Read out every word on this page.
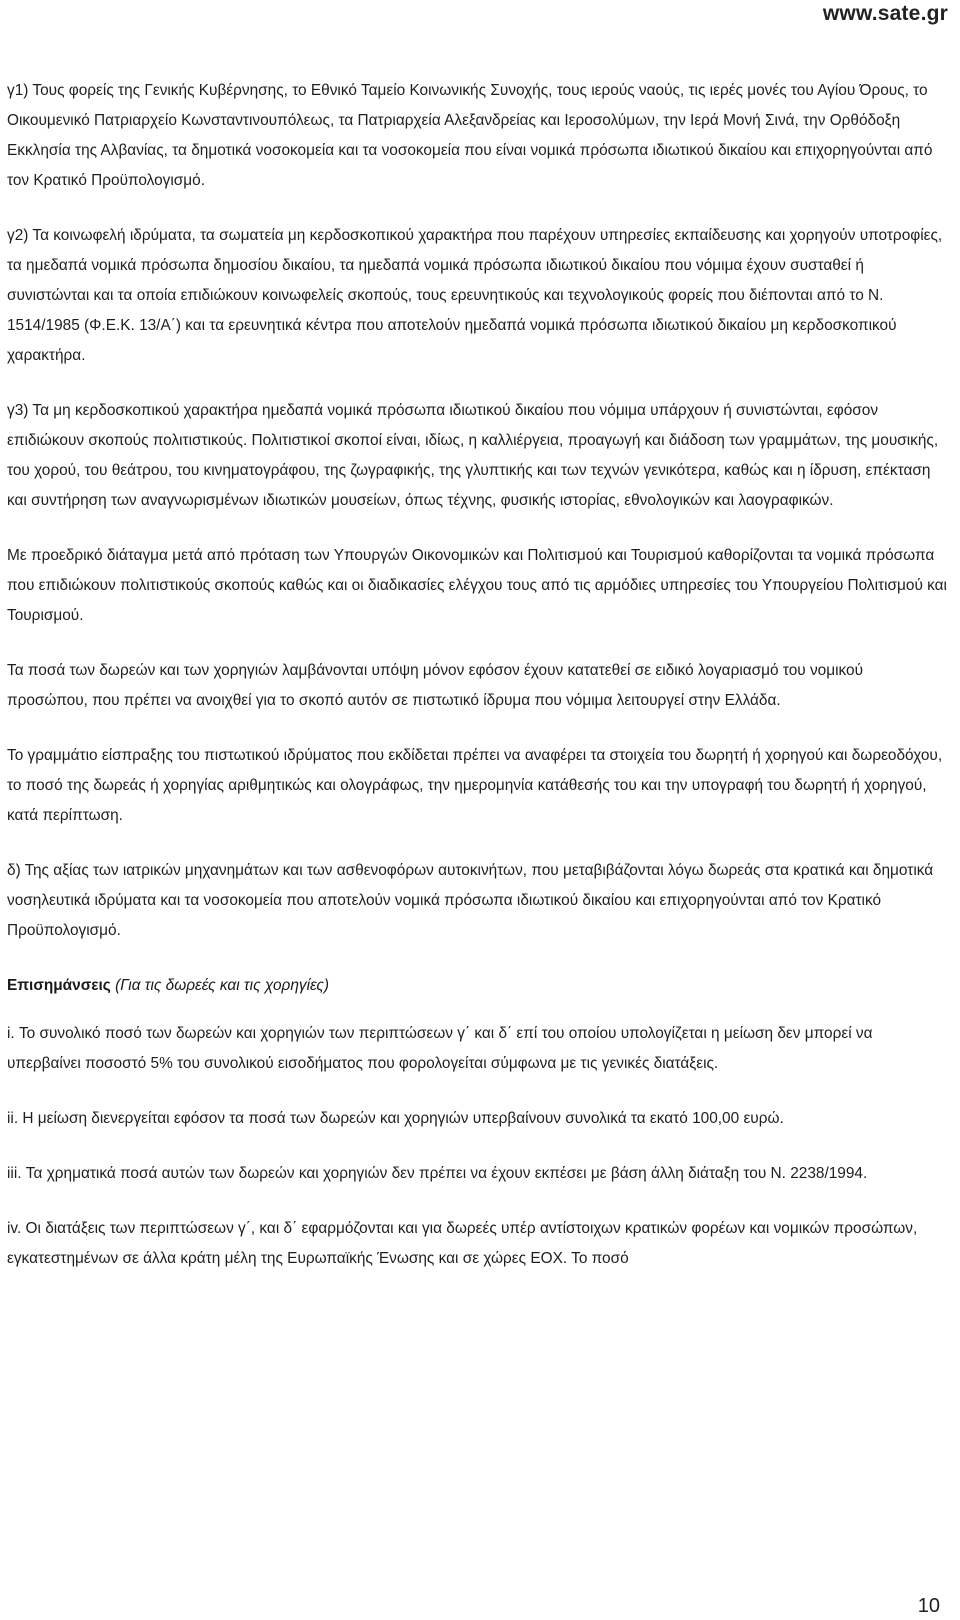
www.sate.gr

γ1) Τους φορείς της Γενικής Κυβέρνησης, το Εθνικό Ταμείο Κοινωνικής Συνοχής, τους ιερούς ναούς, τις ιερές μονές του Αγίου Όρους, το Οικουμενικό Πατριαρχείο Κωνσταντινουπόλεως, τα Πατριαρχεία Αλεξανδρείας και Ιεροσολύμων, την Ιερά Μονή Σινά, την Ορθόδοξη Εκκλησία της Αλβανίας, τα δημοτικά νοσοκομεία και τα νοσοκομεία που είναι νομικά πρόσωπα ιδιωτικού δικαίου και επιχορηγούνται από τον Κρατικό Προϋπολογισμό.

γ2) Τα κοινωφελή ιδρύματα, τα σωματεία μη κερδοσκοπικού χαρακτήρα που παρέχουν υπηρεσίες εκπαίδευσης και χορηγούν υποτροφίες, τα ημεδαπά νομικά πρόσωπα δημοσίου δικαίου, τα ημεδαπά νομικά πρόσωπα ιδιωτικού δικαίου που νόμιμα έχουν συσταθεί ή συνιστώνται και τα οποία επιδιώκουν κοινωφελείς σκοπούς, τους ερευνητικούς και τεχνολογικούς φορείς που διέπονται από το Ν. 1514/1985 (Φ.Ε.Κ. 13/Α΄) και τα ερευνητικά κέντρα που αποτελούν ημεδαπά νομικά πρόσωπα ιδιωτικού δικαίου μη κερδοσκοπικού χαρακτήρα.

γ3) Τα μη κερδοσκοπικού χαρακτήρα ημεδαπά νομικά πρόσωπα ιδιωτικού δικαίου που νόμιμα υπάρχουν ή συνιστώνται, εφόσον επιδιώκουν σκοπούς πολιτιστικούς. Πολιτιστικοί σκοποί είναι, ιδίως, η καλλιέργεια, προαγωγή και διάδοση των γραμμάτων, της μουσικής, του χορού, του θεάτρου, του κινηματογράφου, της ζωγραφικής, της γλυπτικής και των τεχνών γενικότερα, καθώς και η ίδρυση, επέκταση και συντήρηση των αναγνωρισμένων ιδιωτικών μουσείων, όπως τέχνης, φυσικής ιστορίας, εθνολογικών και λαογραφικών.

Με προεδρικό διάταγμα μετά από πρόταση των Υπουργών Οικονομικών και Πολιτισμού και Τουρισμού καθορίζονται τα νομικά πρόσωπα που επιδιώκουν πολιτιστικούς σκοπούς καθώς και οι διαδικασίες ελέγχου τους από τις αρμόδιες υπηρεσίες του Υπουργείου Πολιτισμού και Τουρισμού.

Τα ποσά των δωρεών και των χορηγιών λαμβάνονται υπόψη μόνον εφόσον έχουν κατατεθεί σε ειδικό λογαριασμό του νομικού προσώπου, που πρέπει να ανοιχθεί για το σκοπό αυτόν σε πιστωτικό ίδρυμα που νόμιμα λειτουργεί στην Ελλάδα.

Το γραμμάτιο είσπραξης του πιστωτικού ιδρύματος που εκδίδεται πρέπει να αναφέρει τα στοιχεία του δωρητή ή χορηγού και δωρεοδόχου, το ποσό της δωρεάς ή χορηγίας αριθμητικώς και ολογράφως, την ημερομηνία κατάθεσής του και την υπογραφή του δωρητή ή χορηγού, κατά περίπτωση.

δ) Της αξίας των ιατρικών μηχανημάτων και των ασθενοφόρων αυτοκινήτων, που μεταβιβάζονται λόγω δωρεάς στα κρατικά και δημοτικά νοσηλευτικά ιδρύματα και τα νοσοκομεία που αποτελούν νομικά πρόσωπα ιδιωτικού δικαίου και επιχορηγούνται από τον Κρατικό Προϋπολογισμό.

Επισημάνσεις (Για τις δωρεές και τις χορηγίες)

i. Το συνολικό ποσό των δωρεών και χορηγιών των περιπτώσεων γ΄ και δ΄ επί του οποίου υπολογίζεται η μείωση δεν μπορεί να υπερβαίνει ποσοστό 5% του συνολικού εισοδήματος που φορολογείται σύμφωνα με τις γενικές διατάξεις.

ii. Η μείωση διενεργείται εφόσον τα ποσά των δωρεών και χορηγιών υπερβαίνουν συνολικά τα εκατό 100,00 ευρώ.

iii. Τα χρηματικά ποσά αυτών των δωρεών και χορηγιών δεν πρέπει να έχουν εκπέσει με βάση άλλη διάταξη του Ν. 2238/1994.

iv. Οι διατάξεις των περιπτώσεων γ΄, και δ΄ εφαρμόζονται και για δωρεές υπέρ αντίστοιχων κρατικών φορέων και νομικών προσώπων, εγκατεστημένων σε άλλα κράτη μέλη της Ευρωπαϊκής Ένωσης και σε χώρες ΕΟΧ. Το ποσό

10
